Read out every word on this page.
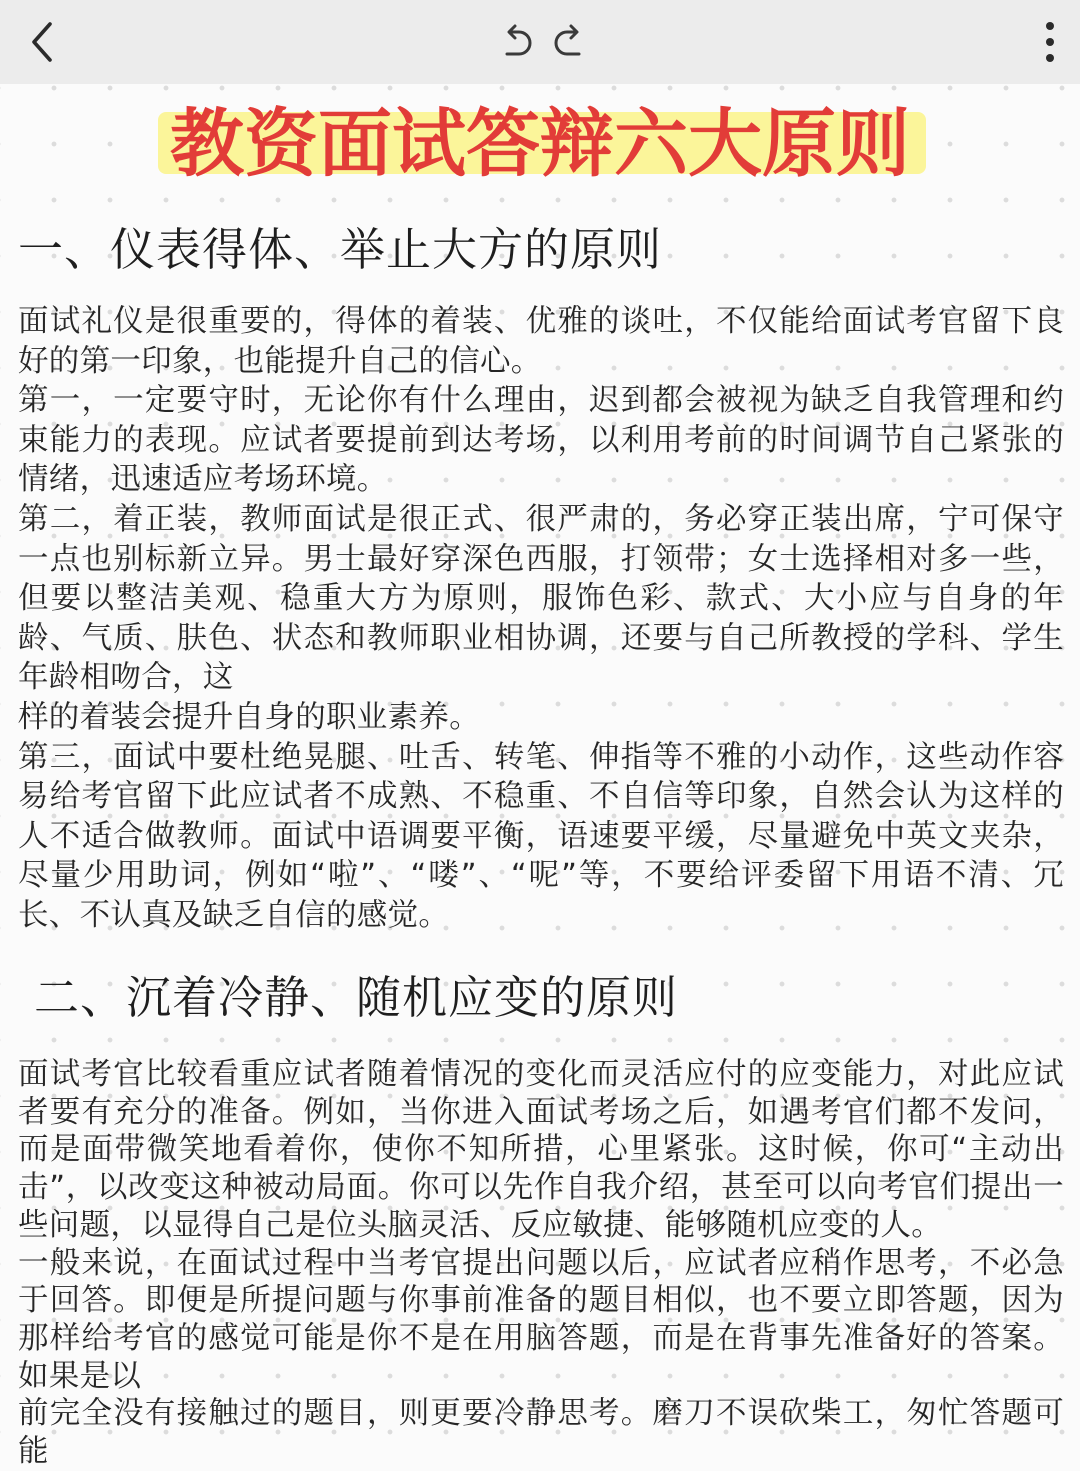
教资面试答辩六大原则
一、仪表得体、举止大方的原则

面试礼仪是很重要的，得体的着装、优雅的谈吐，不仅能给面试考官留下良好的第一印象，也能提升自己的信心。

第一，一定要守时，无论你有什么理由，迟到都会被视为缺乏自我管理和约束能力的表现。应试者要提前到达考场，以利用考前的时间调节自己紧张的情绪，迅速适应考场环境。

第二，着正装，教师面试是很正式、很严肃的，务必穿正装出席，宁可保守一点也别标新立异。男士最好穿深色西服，打领带；女士选择相对多一些，但要以整洁美观、稳重大方为原则，服饰色彩、款式、大小应与自身的年龄、气质、肤色、状态和教师职业相协调，还要与自己所教授的学科、学生年龄相吻合，这

样的着装会提升自身的职业素养。

第三，面试中要杜绝晃腿、吐舌、转笔、伸指等不雅的小动作，这些动作容易给考官留下此应试者不成熟、不稳重、不自信等印象，自然会认为这样的人不适合做教师。面试中语调要平衡，语速要平缓，尽量避免中英文夹杂，尽量少用助词，例如“啦”、“喽”、“呢”等，不要给评委留下用语不清、冗长、不认真及缺乏自信的感觉。

二、沉着冷静、随机应变的原则

面试考官比较看重应试者随着情况的变化而灵活应付的应变能力，对此应试者要有充分的准备。例如，当你进入面试考场之后，如遇考官们都不发问，而是面带微笑地看着你，使你不知所措，心里紧张。这时候，你可“主动出击”，以改变这种被动局面。你可以先作自我介绍，甚至可以向考官们提出一些问题，以显得自己是位头脑灵活、反应敏捷、能够随机应变的人。

一般来说，在面试过程中当考官提出问题以后，应试者应稍作思考，不必急于回答。即便是所提问题与你事前准备的题目相似，也不要立即答题，因为那样给考官的感觉可能是你不是在用脑答题，而是在背事先准备好的答案。如果是以

前完全没有接触过的题目，则更要冷静思考。磨刀不误砍柴工，匆忙答题可能
